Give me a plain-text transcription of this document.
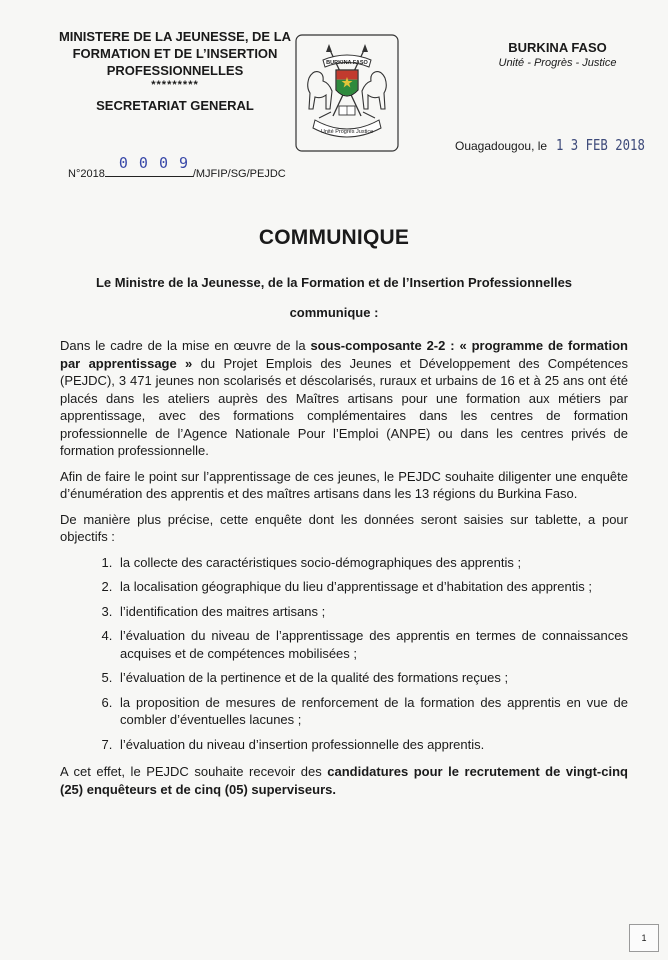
MINISTERE DE LA JEUNESSE, DE LA
FORMATION ET DE L’INSERTION
PROFESSIONNELLES
*********
SECRETARIAT GENERAL
BURKINA FASO
Unité Progrès Justice
BURKINA FASO
Unité - Progrès - Justice
Ouagadougou, le 1 3 FEB 2018
N°2018
0 0 0 9
/MJFIP/SG/PEJDC
COMMUNIQUE
Le Ministre de la Jeunesse, de la Formation et de l’Insertion Professionnelles
communique :

Dans le cadre de la mise en œuvre de la sous-composante 2-2 : « programme de formation par apprentissage » du Projet Emplois des Jeunes et Développement des Compétences (PEJDC), 3 471 jeunes non scolarisés et déscolarisés, ruraux et urbains de 16 et à 25 ans ont été placés dans les ateliers auprès des Maîtres artisans pour une formation aux métiers par apprentissage, avec des formations complémentaires dans les centres de formation professionnelle de l’Agence Nationale Pour l’Emploi (ANPE) ou dans les centres privés de formation professionnelle.

Afin de faire le point sur l’apprentissage de ces jeunes, le PEJDC souhaite diligenter une enquête d’énumération des apprentis et des maîtres artisans dans les 13 régions du Burkina Faso.

De manière plus précise, cette enquête dont les données seront saisies sur tablette, a pour objectifs :

1. la collecte des caractéristiques socio-démographiques des apprentis ;
2. la localisation géographique du lieu d’apprentissage et d’habitation des apprentis ;
3. l’identification des maitres artisans ;
4. l’évaluation du niveau de l’apprentissage des apprentis en termes de connaissances acquises et de compétences mobilisées ;
5. l’évaluation de la pertinence et de la qualité des formations reçues ;
6. la proposition de mesures de renforcement de la formation des apprentis en vue de combler d’éventuelles lacunes ;
7. l’évaluation du niveau d’insertion professionnelle des apprentis.

A cet effet, le PEJDC souhaite recevoir des candidatures pour le recrutement de vingt-cinq (25) enquêteurs et de cinq (05) superviseurs.

1
